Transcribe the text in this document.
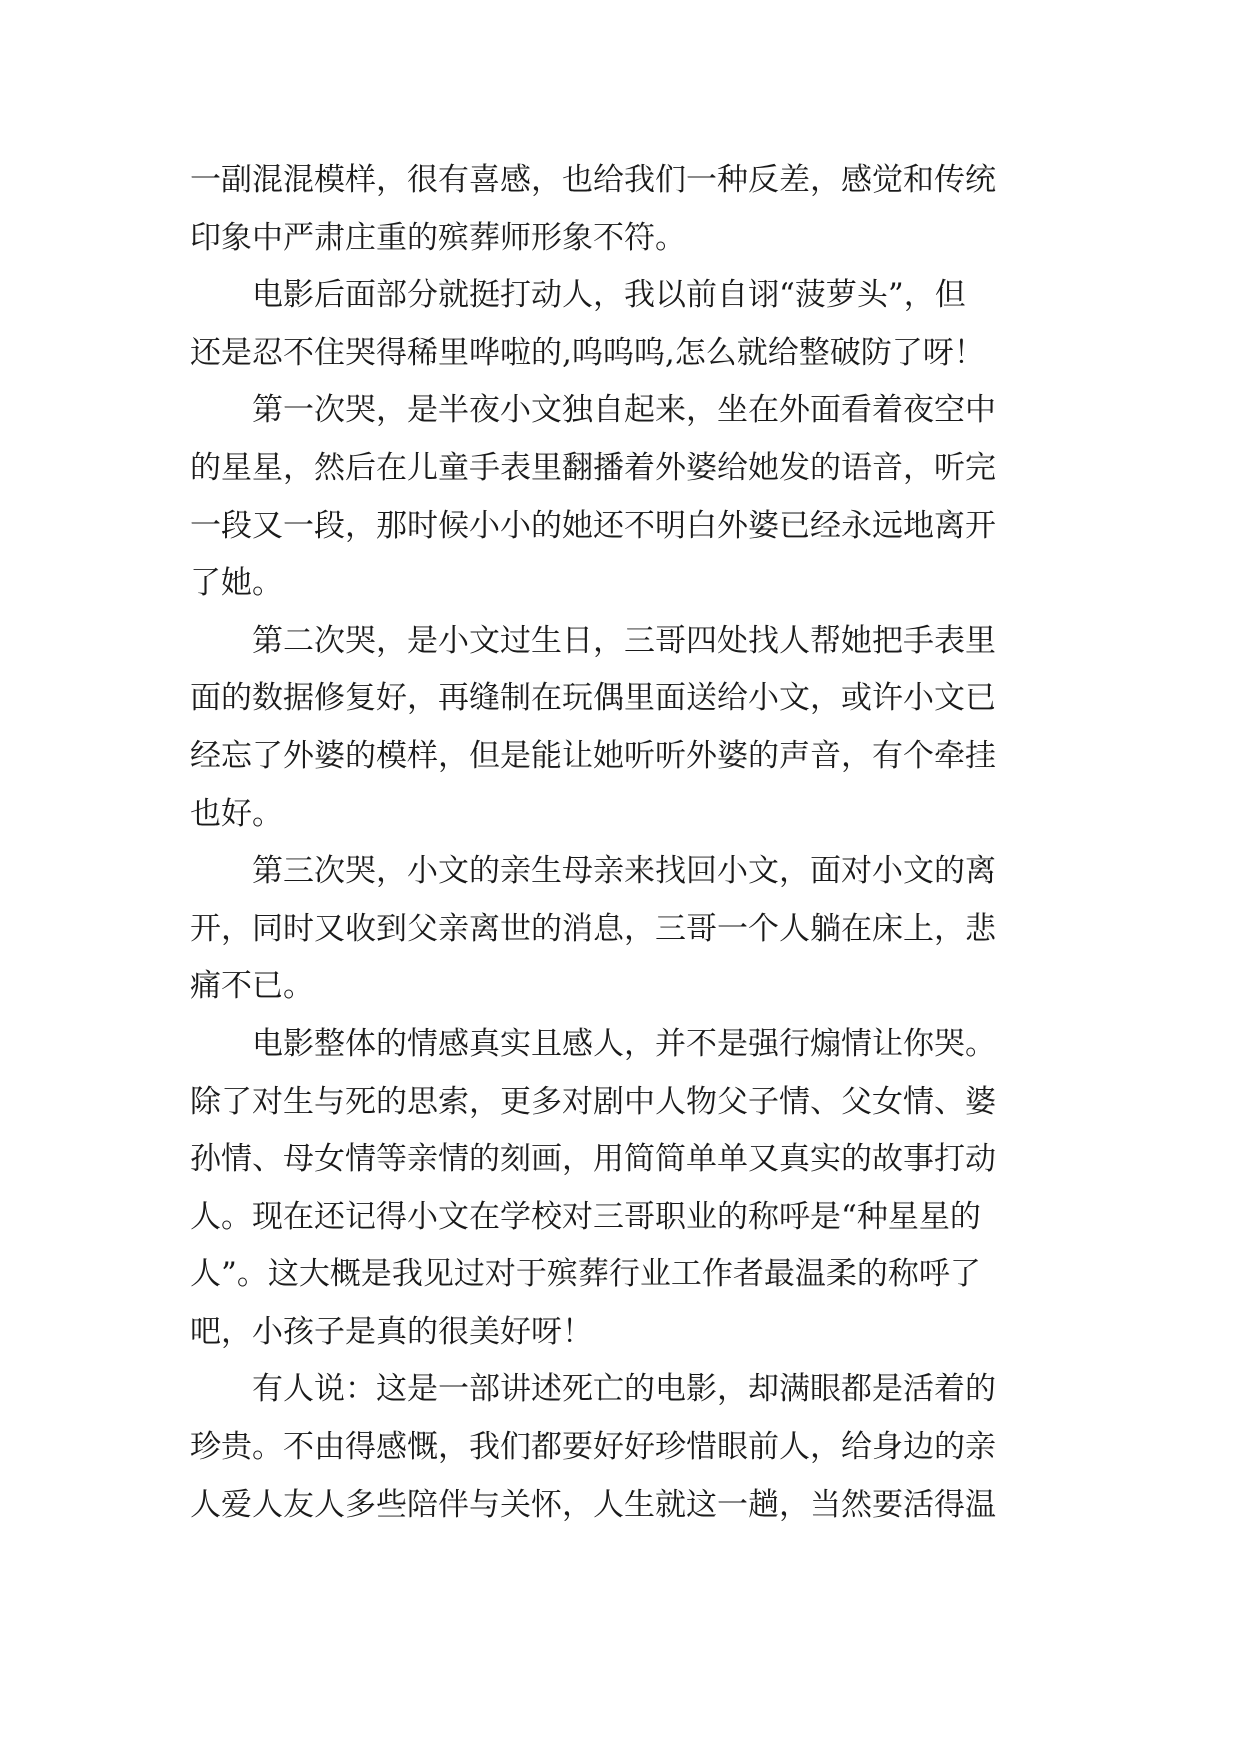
一副混混模样，很有喜感，也给我们一种反差，感觉和传统
印象中严肃庄重的殡葬师形象不符。
电影后面部分就挺打动人，我以前自诩“菠萝头”，但
还是忍不住哭得稀里哗啦的,呜呜呜,怎么就给整破防了呀！
第一次哭，是半夜小文独自起来，坐在外面看着夜空中
的星星，然后在儿童手表里翻播着外婆给她发的语音，听完
一段又一段，那时候小小的她还不明白外婆已经永远地离开
了她。
第二次哭，是小文过生日，三哥四处找人帮她把手表里
面的数据修复好，再缝制在玩偶里面送给小文，或许小文已
经忘了外婆的模样，但是能让她听听外婆的声音，有个牵挂
也好。
第三次哭，小文的亲生母亲来找回小文，面对小文的离
开，同时又收到父亲离世的消息，三哥一个人躺在床上，悲
痛不已。
电影整体的情感真实且感人，并不是强行煽情让你哭。
除了对生与死的思索，更多对剧中人物父子情、父女情、婆
孙情、母女情等亲情的刻画，用简简单单又真实的故事打动
人。现在还记得小文在学校对三哥职业的称呼是“种星星的
人”。这大概是我见过对于殡葬行业工作者最温柔的称呼了
吧，小孩子是真的很美好呀！
有人说：这是一部讲述死亡的电影，却满眼都是活着的
珍贵。不由得感慨，我们都要好好珍惜眼前人，给身边的亲
人爱人友人多些陪伴与关怀，人生就这一趟，当然要活得温
